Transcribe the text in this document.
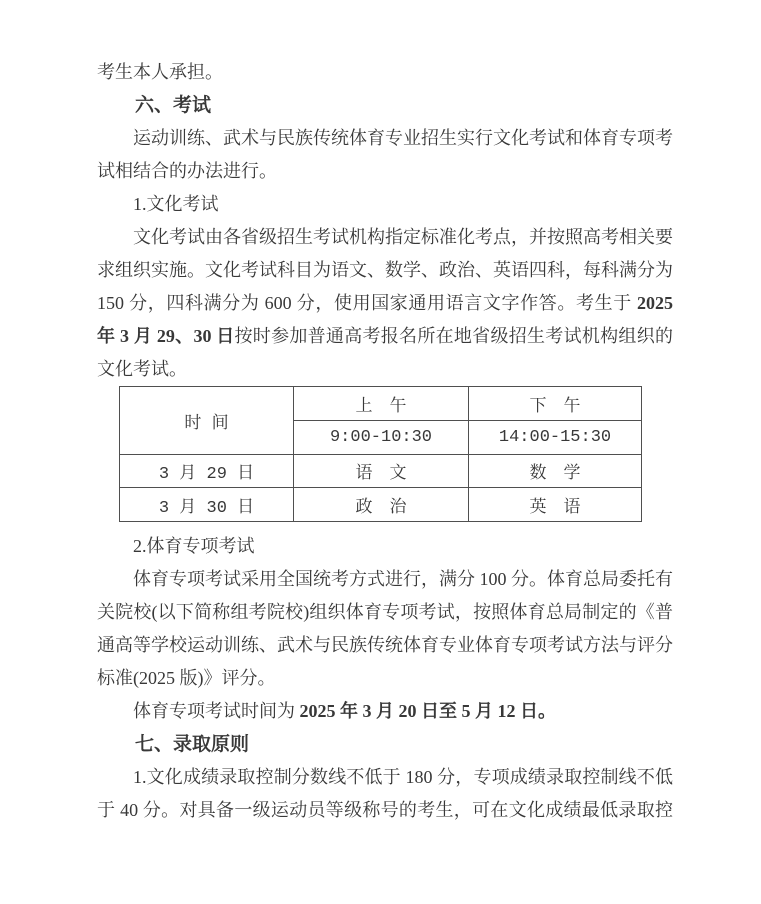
考生本人承担。
六、考试
运动训练、武术与民族传统体育专业招生实行文化考试和体育专项考
试相结合的办法进行。
1.文化考试
文化考试由各省级招生考试机构指定标准化考点，并按照高考相关要
求组织实施。文化考试科目为语文、数学、政治、英语四科，每科满分为
150 分，四科满分为 600 分，使用国家通用语言文字作答。考生于 2025
年 3 月 29、30 日按时参加普通高考报名所在地省级招生考试机构组织的
文化考试。
时 间	上　午	下　午
	9:00-10:30	14:00-15:30
3 月 29 日	语　文	数　学
3 月 30 日	政　治	英　语
2.体育专项考试
体育专项考试采用全国统考方式进行，满分 100 分。体育总局委托有
关院校(以下简称组考院校)组织体育专项考试，按照体育总局制定的《普
通高等学校运动训练、武术与民族传统体育专业体育专项考试方法与评分
标准(2025 版)》评分。
体育专项考试时间为 2025 年 3 月 20 日至 5 月 12 日。
七、录取原则
1.文化成绩录取控制分数线不低于 180 分，专项成绩录取控制线不低
于 40 分。对具备一级运动员等级称号的考生，可在文化成绩最低录取控
